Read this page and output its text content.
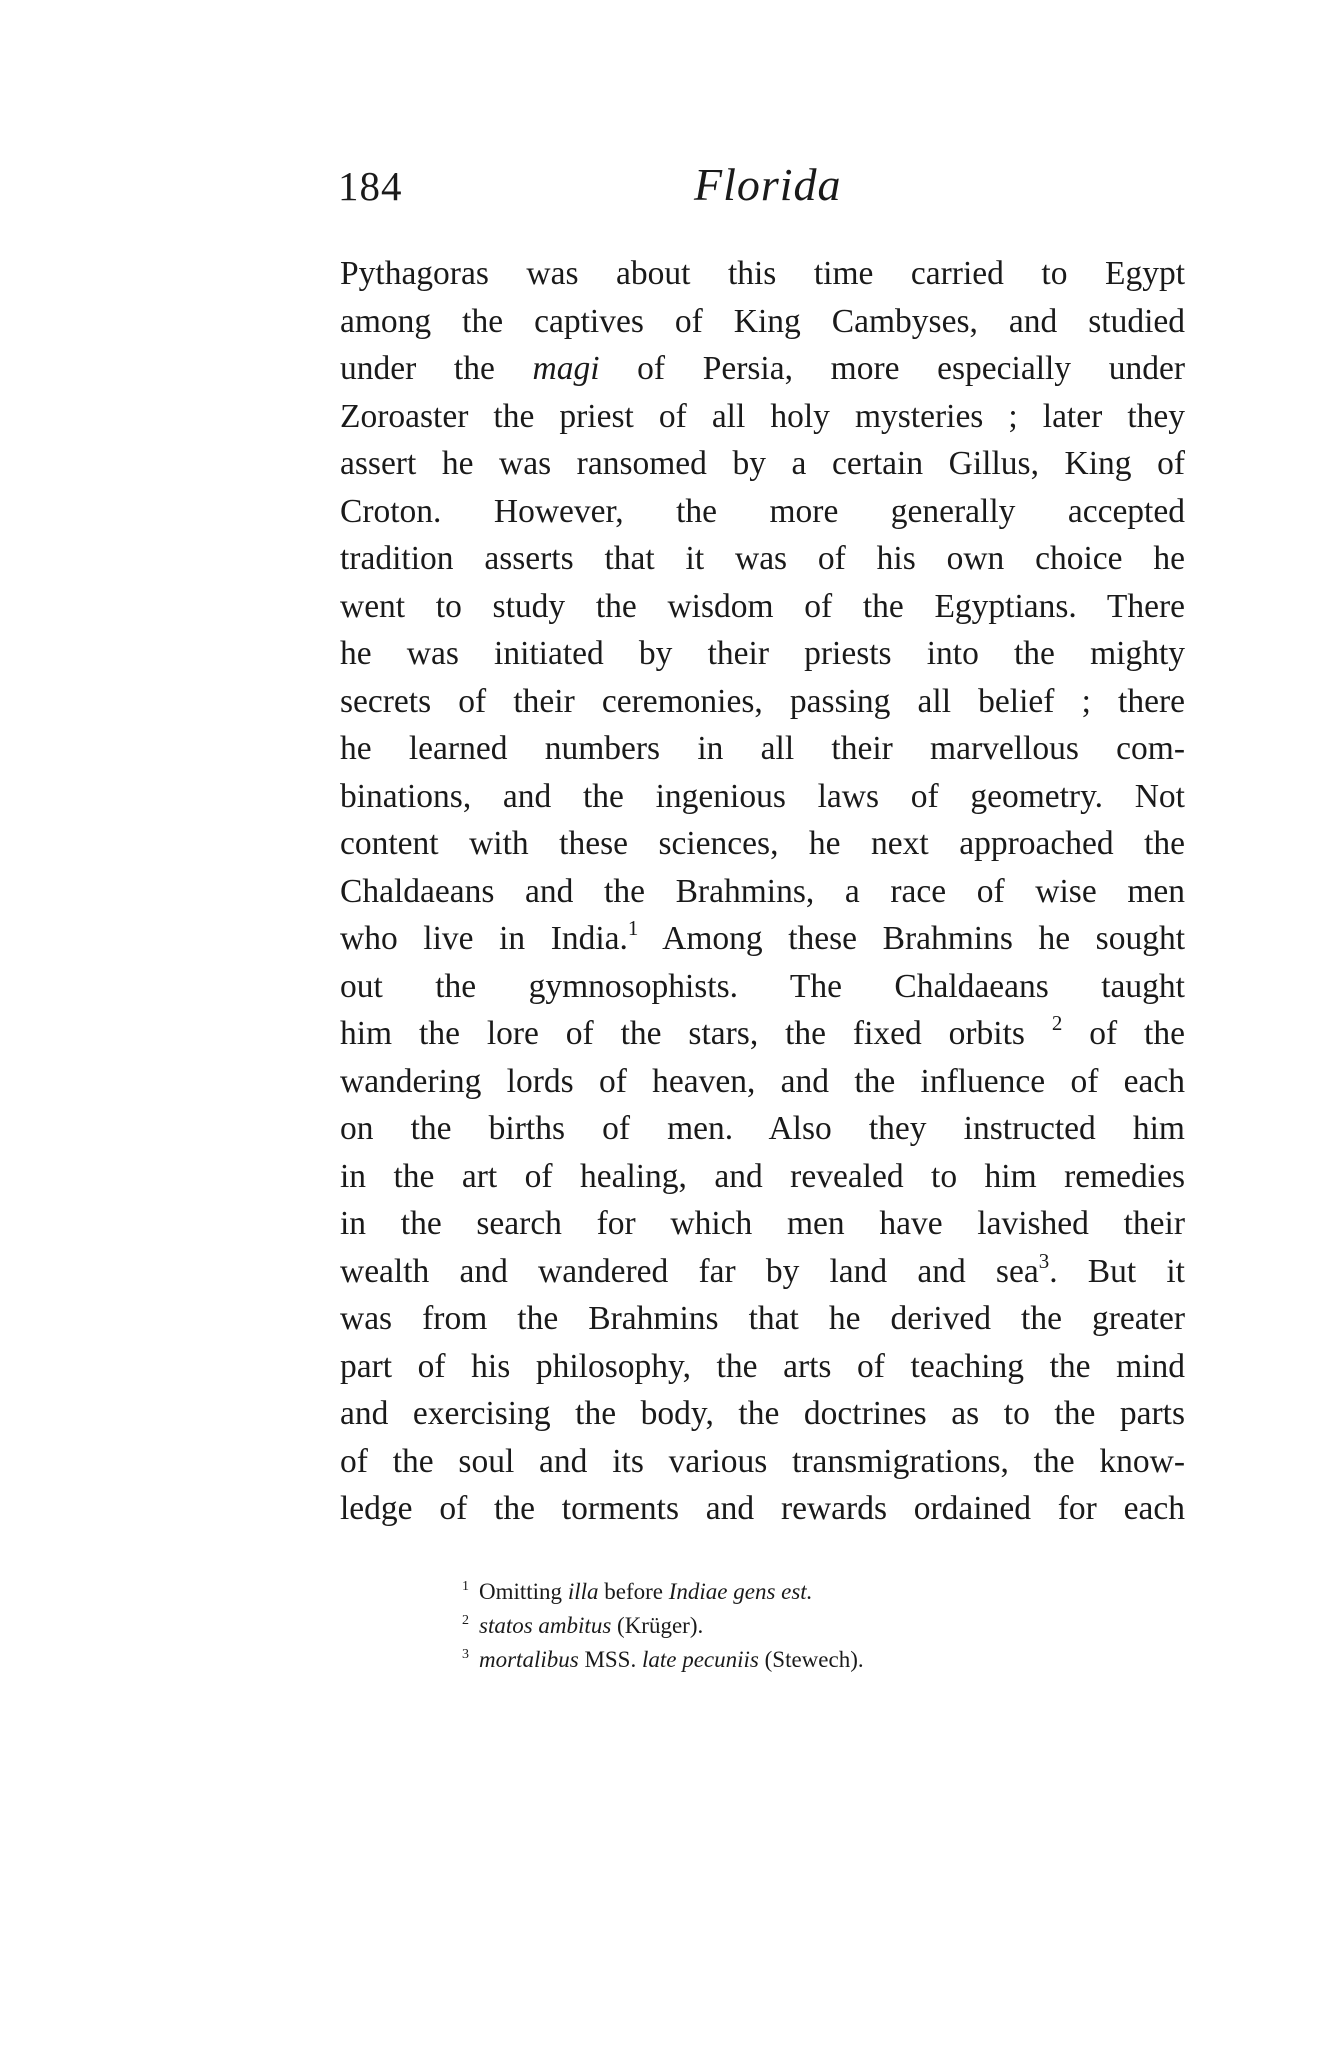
184	Florida
Pythagoras was about this time carried to Egypt
among the captives of King Cambyses, and studied
under the magi of Persia, more especially under
Zoroaster the priest of all holy mysteries ; later they
assert he was ransomed by a certain Gillus, King of
Croton. However, the more generally accepted
tradition asserts that it was of his own choice he
went to study the wisdom of the Egyptians. There
he was initiated by their priests into the mighty
secrets of their ceremonies, passing all belief ; there
he learned numbers in all their marvellous com-
binations, and the ingenious laws of geometry. Not
content with these sciences, he next approached the
Chaldaeans and the Brahmins, a race of wise men
who live in India.$^1$ Among these Brahmins he sought
out the gymnosophists. The Chaldaeans taught
him the lore of the stars, the fixed orbits $^2$ of the
wandering lords of heaven, and the influence of each
on the births of men. Also they instructed him
in the art of healing, and revealed to him remedies
in the search for which men have lavished their
wealth and wandered far by land and sea$^3$. But it
was from the Brahmins that he derived the greater
part of his philosophy, the arts of teaching the mind
and exercising the body, the doctrines as to the parts
of the soul and its various transmigrations, the know-
ledge of the torments and rewards ordained for each
$^1$ Omitting illa before Indiae gens est.
$^2$ statos ambitus (Krüger).
$^3$ mortalibus MSS. late pecuniis (Stewech).
